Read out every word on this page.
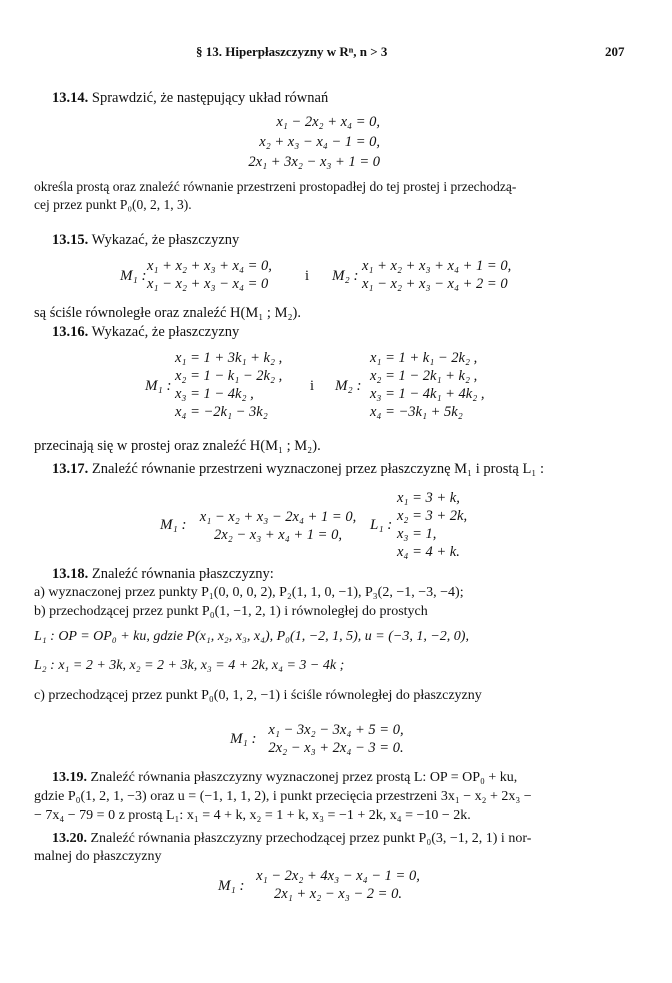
§ 13. Hiperpłaszczyzny w Rⁿ, n > 3	207
13.14. Sprawdzić, że następujący układ równań
x₁ − 2x₂ + x₄ = 0,
x₂ + x₃ − x₄ − 1 = 0,
2x₁ + 3x₂ − x₃ + 1 = 0
określa prostą oraz znaleźć równanie przestrzeni prostopadłej do tej prostej i przechodzą-
cej przez punkt P₀(0, 2, 1, 3).
13.15. Wykazać, że płaszczyzny
M₁ :
x₁ + x₂ + x₃ + x₄ = 0,
x₁ − x₂ + x₃ − x₄ = 0	i M₂ :
x₁ + x₂ + x₃ + x₄ + 1 = 0,
x₁ − x₂ + x₃ − x₄ + 2 = 0
są ściśle równoległe oraz znaleźć H(M₁ ; M₂).
13.16. Wykazać, że płaszczyzny
M₁ :
x₁ = 1 + 3k₁ + k₂ ,
x₂ = 1 − k₁ − 2k₂ ,
x₃ = 1 − 4k₂ ,
x₄ = −2k₁ − 3k₂
i M₂ :
x₁ = 1 + k₁ − 2k₂ ,
x₂ = 1 − 2k₁ + k₂ ,
x₃ = 1 − 4k₁ + 4k₂ ,
x₄ = −3k₁ + 5k₂
przecinają się w prostej oraz znaleźć H(M₁ ; M₂).
13.17. Znaleźć równanie przestrzeni wyznaczonej przez płaszczyznę M₁ i prostą L₁ :
M₁ : x₁ − x₂ + x₃ − 2x₄ + 1 = 0,
2x₂ − x₃ + x₄ + 1 = 0,
L₁ :
x₁ = 3 + k,
x₂ = 3 + 2k,
x₃ = 1,
x₄ = 4 + k.
13.18. Znaleźć równania płaszczyzny:
a) wyznaczonej przez punkty P₁(0, 0, 0, 2), P₂(1, 1, 0, −1), P₃(2, −1, −3, −4);
b) przechodzącej przez punkt P₀(1, −1, 2, 1) i równoległej do prostych
L₁ : OP = OP₀ + ku, gdzie P(x₁, x₂, x₃, x₄), P₀(1, −2, 1, 5), u = (−3, 1, −2, 0),
L₂ : x₁ = 2 + 3k, x₂ = 2 + 3k, x₃ = 4 + 2k, x₄ = 3 − 4k ;
c) przechodzącej przez punkt P₀(0, 1, 2, −1) i ściśle równoległej do płaszczyzny
M₁ :
x₁ − 3x₂ − 3x₄ + 5 = 0,
2x₂ − x₃ + 2x₄ − 3 = 0.
13.19. Znaleźć równania płaszczyzny wyznaczonej przez prostą L: OP = OP₀ + ku,
gdzie P₀(1, 2, 1, −3) oraz u = (−1, 1, 1, 2), i punkt przecięcia przestrzeni 3x₁ − x₂ + 2x₃ −
− 7x₄ − 79 = 0 z prostą L₁: x₁ = 4 + k, x₂ = 1 + k, x₃ = −1 + 2k, x₄ = −10 − 2k.
13.20. Znaleźć równania płaszczyzny przechodzącej przez punkt P₀(3, −1, 2, 1) i nor-
malnej do płaszczyzny
M₁ :
x₁ − 2x₂ + 4x₃ − x₄ − 1 = 0,
2x₁ + x₂ − x₃ − 2 = 0.
